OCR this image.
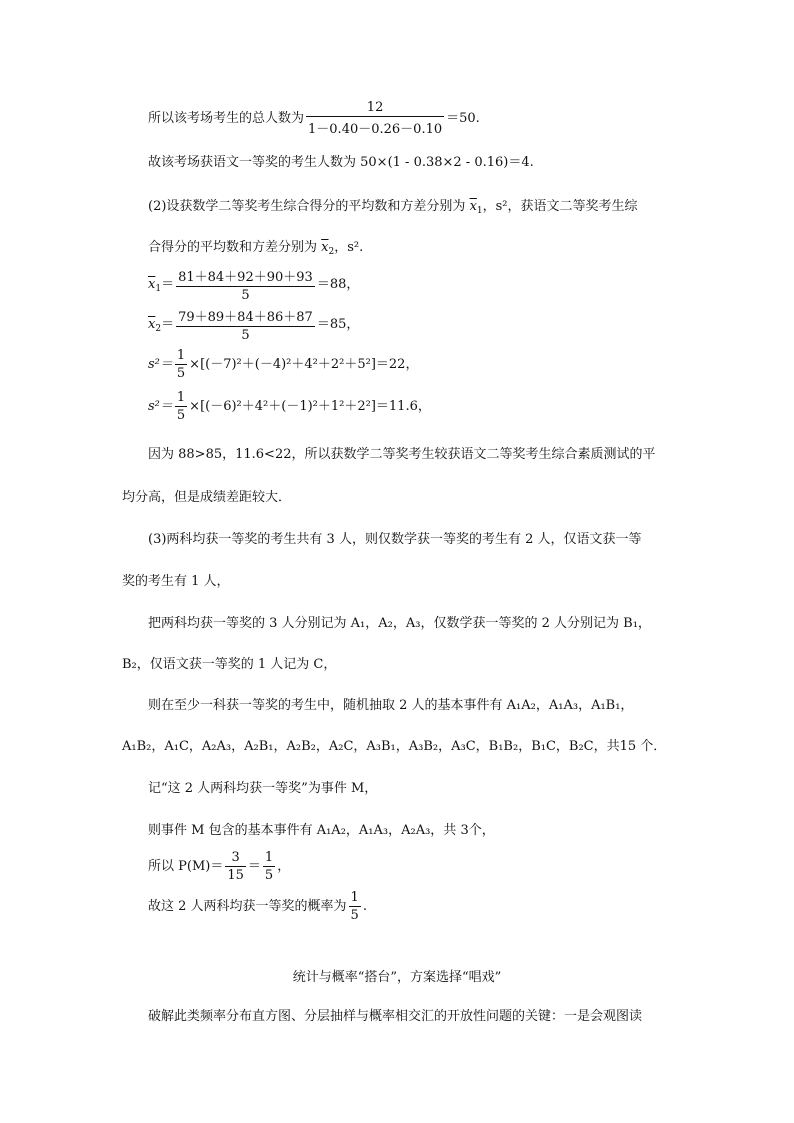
所以该考场考生的总人数为 $\frac{12}{1-0.40-0.26-0.10} =50$.
故该考场获语文一等奖的考生人数为 50×(1 - 0.38×2 - 0.16)＝4.
(2)设获数学二等奖考生综合得分的平均数和方差分别为 $\overline{x}_1$，s²，获语文二等奖考生综
合得分的平均数和方差分别为 $\overline{x}_2$，s².
$\overline{x}_1= \frac{81+84+92+90+93}{5} =88$，
$\overline{x}_2= \frac{79+89+84+86+87}{5} =85$，
$s^2= \frac{1}{5} \times[(-7)^2+(-4)^2+4^2+2^2+5^2]=22$，
$s^2= \frac{1}{5} \times[(-6)^2+4^2+(-1)^2+1^2+2^2]=11.6$，
因为 88>85，11.6<22，所以获数学二等奖考生较获语文二等奖考生综合素质测试的平
均分高，但是成绩差距较大．
(3)两科均获一等奖的考生共有 3 人，则仅数学获一等奖的考生有 2 人，仅语文获一等
奖的考生有 1 人，
把两科均获一等奖的 3 人分别记为 A₁，A₂，A₃，仅数学获一等奖的 2 人分别记为 B₁，
B₂，仅语文获一等奖的 1 人记为 C，
则在至少一科获一等奖的考生中，随机抽取 2 人的基本事件有 A₁A₂，A₁A₃，A₁B₁，
A₁B₂，A₁C，A₂A₃，A₂B₁，A₂B₂，A₂C，A₃B₁，A₃B₂，A₃C，B₁B₂，B₁C，B₂C，共15 个．
记“这 2 人两科均获一等奖”为事件 M，
则事件 M 包含的基本事件有 A₁A₂，A₁A₃，A₂A₃，共 3个，
所以 $P(M)= \frac{3}{15} = \frac{1}{5}$ ，
故这 2 人两科均获一等奖的概率为 $\frac{1}{5}$ .
统计与概率“搭台”，方案选择“唱戏”
破解此类频率分布直方图、分层抽样与概率相交汇的开放性问题的关键：一是会观图读
